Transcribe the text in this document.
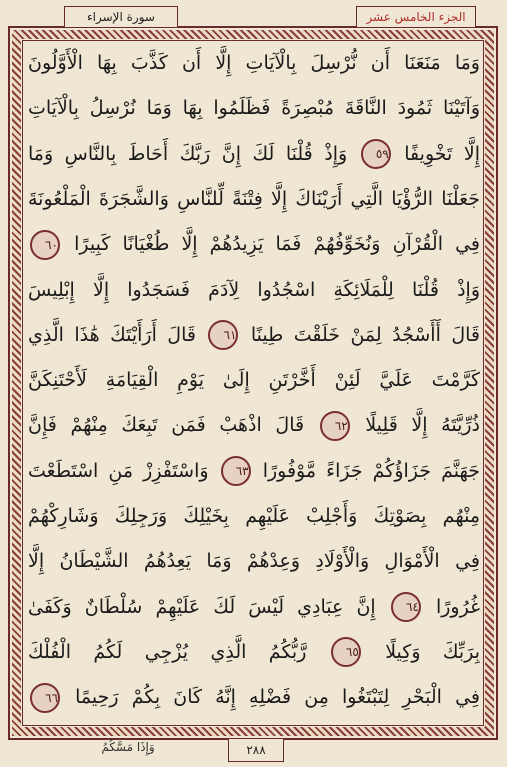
سورة الإسراء	الجزء الخامس عشر
وَمَا مَنَعَنَا أَن نُّرْسِلَ بِالْآيَاتِ إِلَّا أَن كَذَّبَ بِهَا الْأَوَّلُونَ
وَآتَيْنَا ثَمُودَ النَّاقَةَ مُبْصِرَةً فَظَلَمُوا بِهَا وَمَا نُرْسِلُ بِالْآيَاتِ
إِلَّا تَخْوِيفًا ٥٩ وَإِذْ قُلْنَا لَكَ إِنَّ رَبَّكَ أَحَاطَ بِالنَّاسِ وَمَا
جَعَلْنَا الرُّؤْيَا الَّتِي أَرَيْنَاكَ إِلَّا فِتْنَةً لِّلنَّاسِ وَالشَّجَرَةَ الْمَلْعُونَةَ
فِي الْقُرْآنِ وَنُخَوِّفُهُمْ فَمَا يَزِيدُهُمْ إِلَّا طُغْيَانًا كَبِيرًا ٦٠
وَإِذْ قُلْنَا لِلْمَلَائِكَةِ اسْجُدُوا لِآدَمَ فَسَجَدُوا إِلَّا إِبْلِيسَ
قَالَ أَأَسْجُدُ لِمَنْ خَلَقْتَ طِينًا ٦١ قَالَ أَرَأَيْتَكَ هَٰذَا الَّذِي
كَرَّمْتَ عَلَيَّ لَئِنْ أَخَّرْتَنِ إِلَىٰ يَوْمِ الْقِيَامَةِ لَأَحْتَنِكَنَّ
ذُرِّيَّتَهُ إِلَّا قَلِيلًا ٦٢ قَالَ اذْهَبْ فَمَن تَبِعَكَ مِنْهُمْ فَإِنَّ
جَهَنَّمَ جَزَاؤُكُمْ جَزَاءً مَّوْفُورًا ٦٣ وَاسْتَفْزِزْ مَنِ اسْتَطَعْتَ
مِنْهُم بِصَوْتِكَ وَأَجْلِبْ عَلَيْهِم بِخَيْلِكَ وَرَجِلِكَ وَشَارِكْهُمْ
فِي الْأَمْوَالِ وَالْأَوْلَادِ وَعِدْهُمْ وَمَا يَعِدُهُمُ الشَّيْطَانُ إِلَّا
غُرُورًا ٦٤ إِنَّ عِبَادِي لَيْسَ لَكَ عَلَيْهِمْ سُلْطَانٌ وَكَفَىٰ
بِرَبِّكَ وَكِيلًا ٦٥ رَّبُّكُمُ الَّذِي يُزْجِي لَكُمُ الْفُلْكَ
فِي الْبَحْرِ لِتَبْتَغُوا مِن فَضْلِهِ إِنَّهُ كَانَ بِكُمْ رَحِيمًا ٦٦
وَإِذَا مَسَّكُمُ	٢٨٨
